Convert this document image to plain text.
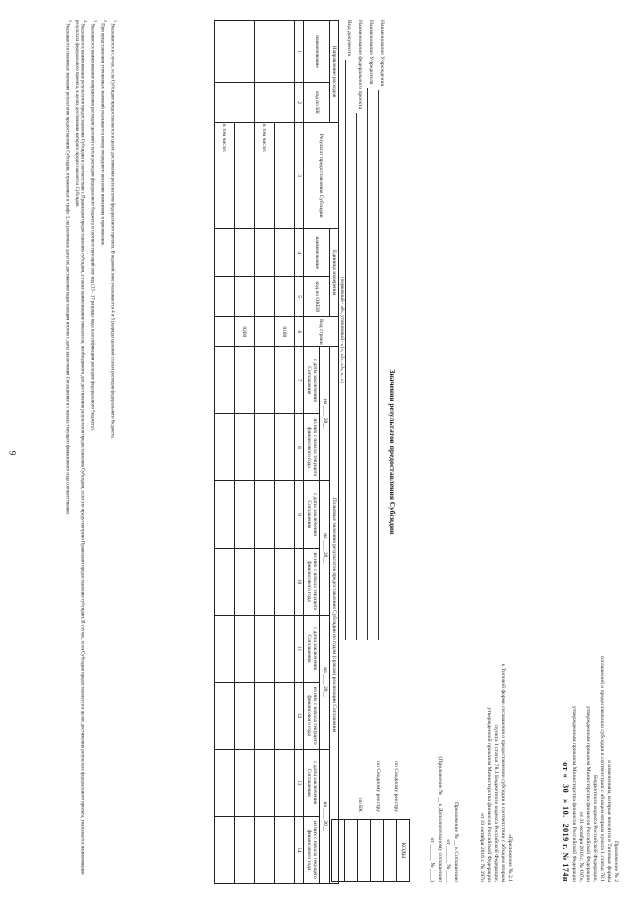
9

Приложение № 2

к изменениям, которые вносятся в Типовые формы

соглашений о предоставлении субсидии в соответствии с абзацем вторым пункта 1 статьи 78.1

Бюджетного кодекса Российской Федерации,

утвержденным приказом Министерства финансов Российской Федерации

от 31 октября 2016 г. № 197н,

утвержденным приказом Министерства финансов Российской Федерации

от «30» 10.2019 г. № 174н

«Приложение № 2.1

к Типовой форме соглашения о предоставлении субсидии в соответствии с абзацем вторым

пункта 1 статьи 78.1 Бюджетного кодекса Российской Федерации,

утвержденной приказом Министерства финансов Российской Федерации

от 31 октября 2016 г. № 197н

Приложение № __ к Соглашению

от ______ № ____

(Приложение № __ к Дополнительному соглашению

от ______ № ____)

КОДЫ

по Сводному реестру

по Сводному реестру

по БК

Значения результатов предоставления Субсидии
Наименование Учреждения
Наименование Учредителя
Наименование федерального проекта
Вид документа
(первичный - «0», уточненный - «1», «2», «3», «...»)
Направление расходов		Результат предоставления Субсидии	Единица измерения		Код строки	Плановые значения результатов предоставления Субсидии по годам (срокам) реализации Соглашения							
наименование	код по БК		наименование	код по ОКЕИ		на ____ 20__		на ____ 20__		на ____ 20__		на ____ 20__	
						с даты заключения Соглашения	из них с начала текущего финансового года	с даты заключения Соглашения	из них с начала текущего финансового года	с даты заключения Соглашения	из них с начала текущего финансового года	с даты заключения Соглашения	из них с начала текущего финансового года
1	2	3	4	5	6	7	8	9	10	11	12	13	14
					0100								
		в том числе:											
					0200								
		в том числе:											

$^1$ Указывается в случае, если Субсидия предоставляется в целях достижения результатов федерального проекта. В кодовой зоне указываются 4 и 5 разряды целевой статьи расходов федерального бюджета.

$^2$ При представлении уточненных значений указывается номер очередного внесения изменения в приложение.

$^3$ Указывается наименование направления расходов целевой статьи расходов федерального бюджета и соответствующий ему код (13 - 17 разряды кода классификации расходов федерального бюджета).

$^4$ Указывается наименование результатов предоставления Субсидии в соответствии с Правилами предоставления субсидии, а также наименование показателя, необходимого для достижения результатов предоставления Субсидии, если это предусмотрено Правилами предоставления субсидии. В случае, если Субсидия предоставляется в целях достижения результата федерального проекта, указывается наименование результата федерального проекта, в целях достижения которого предоставляется Субсидия.

$^5$ Указываются плановые значения результатов предоставления Субсидии, отраженных в графе 3, на различные даты их достижения нарастающим итогом с даты заключения Соглашения и с начала текущего финансового года соответственно.
